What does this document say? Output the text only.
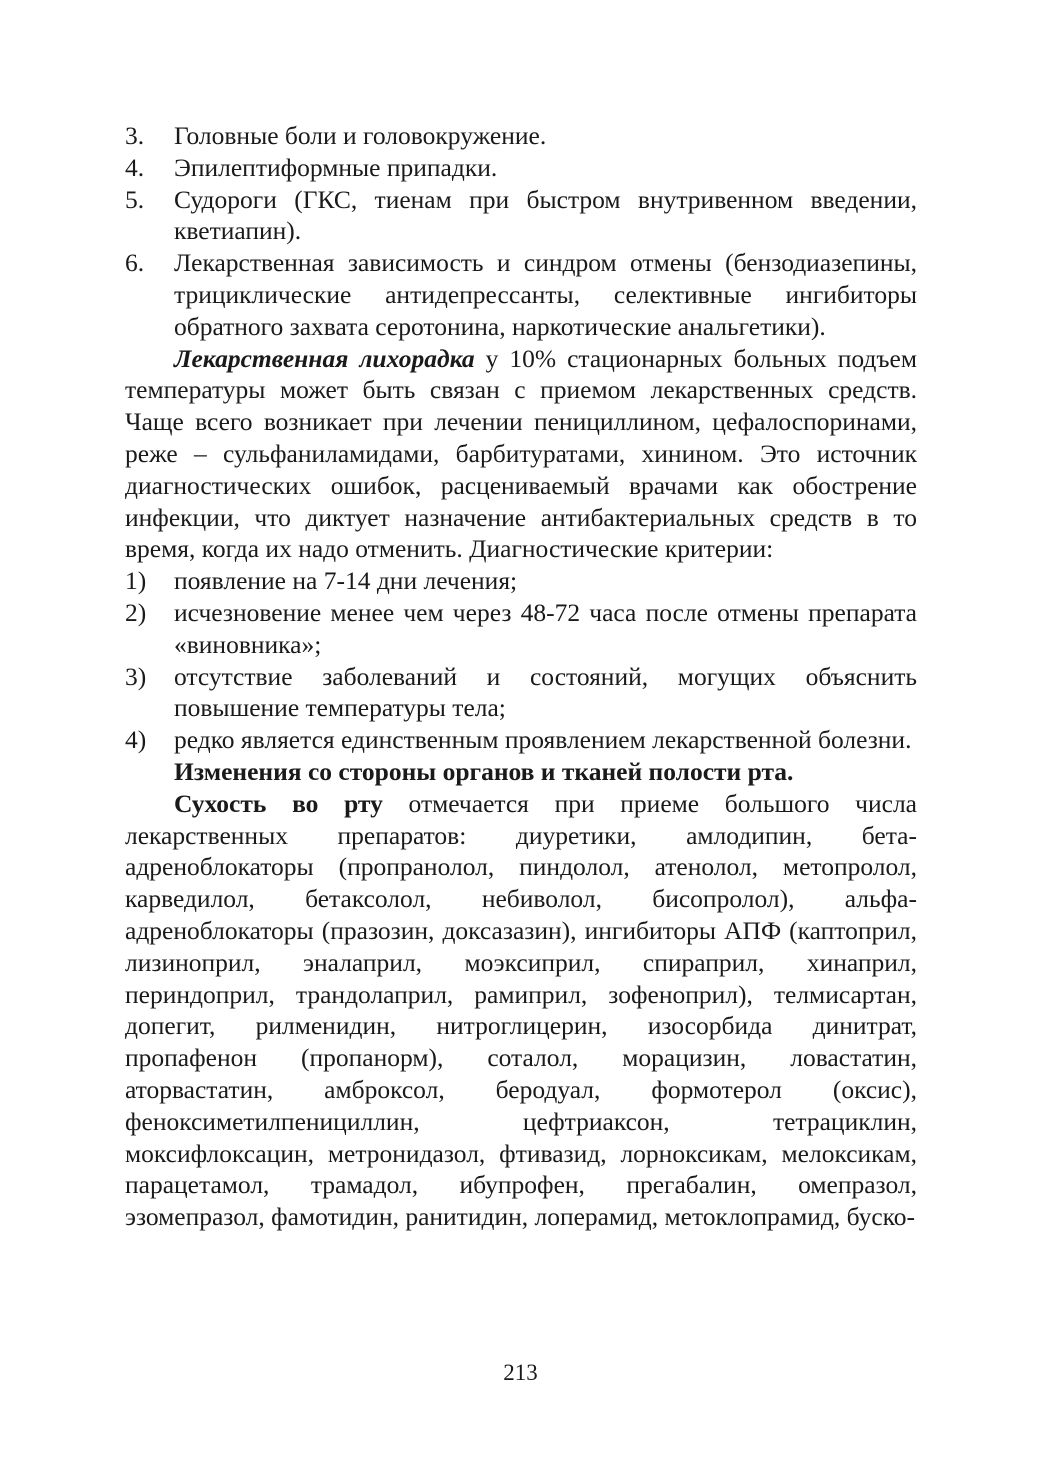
3.	Головные боли и головокружение.
4.	Эпилептиформные припадки.
5.	Судороги (ГКС, тиенам при быстром внутривенном введении, кветиапин).
6.	Лекарственная зависимость и синдром отмены (бензодиазепины, трициклические антидепрессанты, селективные ингибиторы обратного захвата серотонина, наркотические анальгетики).

Лекарственная лихорадка у 10% стационарных больных подъем температуры может быть связан с приемом лекарственных средств. Чаще всего возникает при лечении пенициллином, цефалоспоринами, реже – сульфаниламидами, барбитуратами, хинином. Это источник диагностических ошибок, расцениваемый врачами как обострение инфекции, что диктует назначение антибактериальных средств в то время, когда их надо отменить. Диагностические критерии:

1)	появление на 7-14 дни лечения;
2)	исчезновение менее чем через 48-72 часа после отмены препарата «виновника»;
3)	отсутствие заболеваний и состояний, могущих объяснить повышение температуры тела;
4)	редко является единственным проявлением лекарственной болезни.
Изменения со стороны органов и тканей полости рта.

Сухость во рту отмечается при приеме большого числа лекарственных препаратов: диуретики, амлодипин, бета-адреноблокаторы (пропранолол, пиндолол, атенолол, метопролол, карведилол, бетаксолол, небиволол, бисопролол), альфа-адреноблокаторы (празозин, доксазазин), ингибиторы АПФ (каптоприл, лизиноприл, эналаприл, моэксиприл, спираприл, хинаприл, периндоприл, трандолаприл, рамиприл, зофеноприл), телмисартан, допегит, рилменидин, нитроглицерин, изосорбида динитрат, пропафенон (пропанорм), соталол, морацизин, ловастатин, аторвастатин, амброксол, беродуал, формотерол (оксис), феноксиметилпенициллин, цефтриаксон, тетрациклин, моксифлоксацин, метронидазол, фтивазид, лорноксикам, мелоксикам, парацетамол, трамадол, ибупрофен, прегабалин, омепразол, эзомепразол, фамотидин, ранитидин, лоперамид, метоклопрамид, буско-

213
